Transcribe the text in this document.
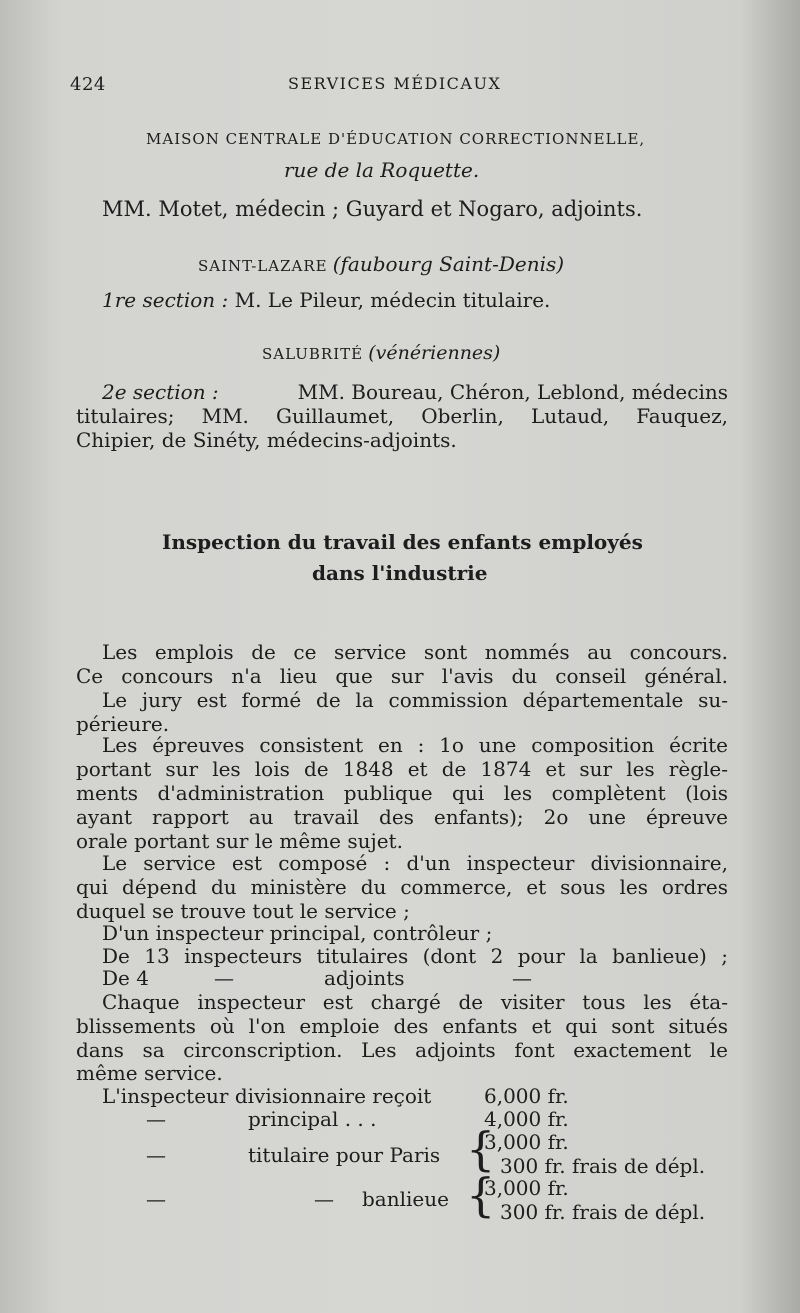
424	SERVICES MÉDICAUX
MAISON CENTRALE D'ÉDUCATION CORRECTIONNELLE,
rue de la Roquette.
MM. Motet, médecin ; Guyard et Nogaro, adjoints.
SAINT-LAZARE (faubourg Saint-Denis)
1re section : M. Le Pileur, médecin titulaire.
SALUBRITÉ (vénériennes)
2e section :	MM. Boureau, Chéron, Leblond, médecins
titulaires; MM. Guillaumet, Oberlin, Lutaud, Fauquez,
Chipier, de Sinéty, médecins-adjoints.
Inspection du travail des enfants employés
dans l'industrie
Les emplois de ce service sont nommés au concours.
Ce concours n'a lieu que sur l'avis du conseil général.
Le jury est formé de la commission départementale su-
périeure.
Les épreuves consistent en : 1o une composition écrite
portant sur les lois de 1848 et de 1874 et sur les règle-
ments d'administration publique qui les complètent (lois
ayant rapport au travail des enfants); 2o une épreuve
orale portant sur le même sujet.
Le service est composé : d'un inspecteur divisionnaire,
qui dépend du ministère du commerce, et sous les ordres
duquel se trouve tout le service ;
D'un inspecteur principal, contrôleur ;
De 13 inspecteurs titulaires (dont 2 pour la banlieue) ;
De 4	—	adjoints	—
Chaque inspecteur est chargé de visiter tous les éta-
blissements où l'on emploie des enfants et qui sont situés
dans sa circonscription. Les adjoints font exactement le
même service.
L'inspecteur divisionnaire reçoit	6,000 fr.
—	principal . . .	4,000 fr.
—	titulaire pour Paris {
3,000 fr.
300 fr. frais de dépl.
—	— banlieue {
3,000 fr.
300 fr. frais de dépl.
